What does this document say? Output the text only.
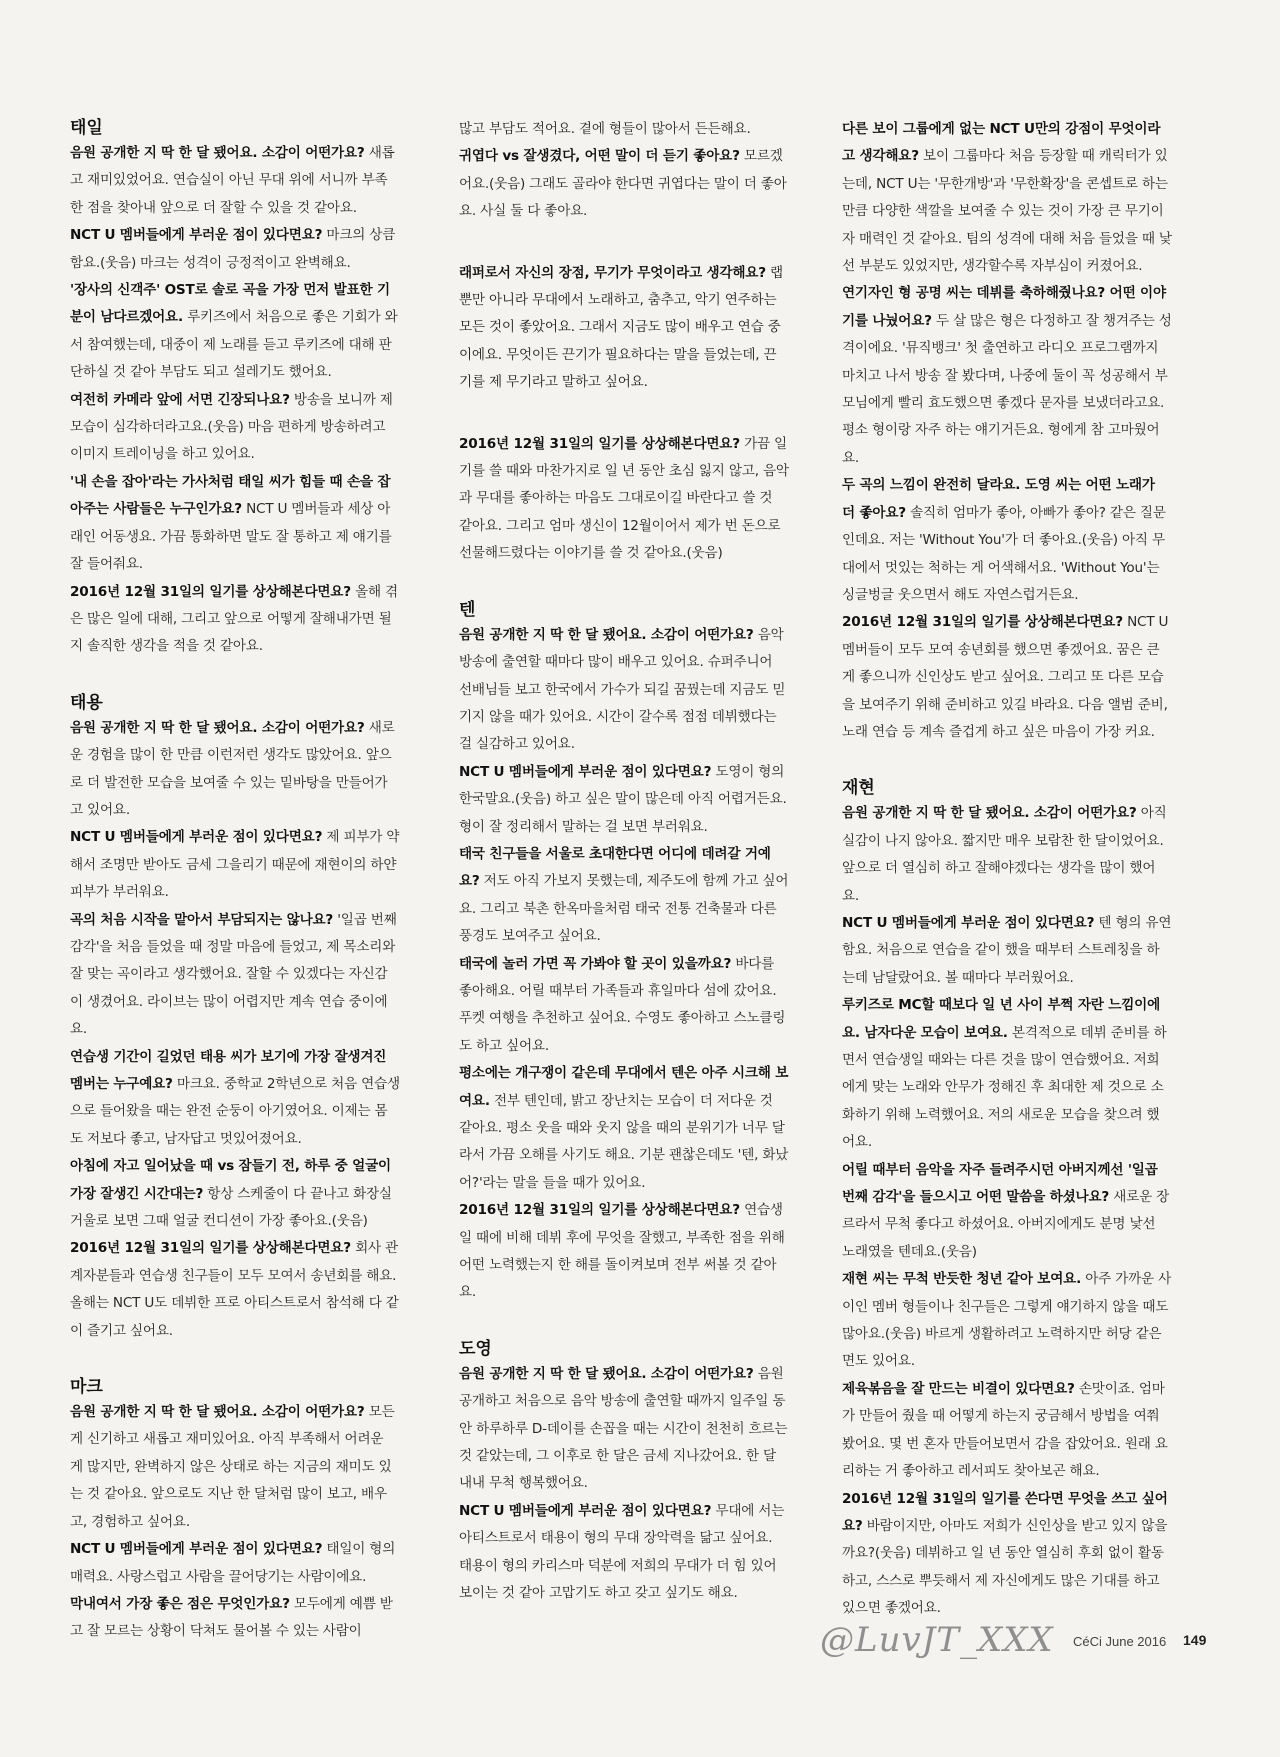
태일

음원 공개한 지 딱 한 달 됐어요. 소감이 어떤가요? 새롭고 재미있었어요. 연습실이 아닌 무대 위에 서니까 부족한 점을 찾아내 앞으로 더 잘할 수 있을 것 같아요.

NCT U 멤버들에게 부러운 점이 있다면요? 마크의 상큼함요.(웃음) 마크는 성격이 긍정적이고 완벽해요.

'장사의 신객주' OST로 솔로 곡을 가장 먼저 발표한 기분이 남다르겠어요. 루키즈에서 처음으로 좋은 기회가 와서 참여했는데, 대중이 제 노래를 듣고 루키즈에 대해 판단하실 것 같아 부담도 되고 설레기도 했어요.

여전히 카메라 앞에 서면 긴장되나요? 방송을 보니까 제 모습이 심각하더라고요.(웃음) 마음 편하게 방송하려고 이미지 트레이닝을 하고 있어요.

'내 손을 잡아'라는 가사처럼 태일 씨가 힘들 때 손을 잡아주는 사람들은 누구인가요? NCT U 멤버들과 세상 아래인 어동생요. 가끔 통화하면 말도 잘 통하고 제 얘기를 잘 들어줘요.

2016년 12월 31일의 일기를 상상해본다면요? 올해 겪은 많은 일에 대해, 그리고 앞으로 어떻게 잘해내가면 될지 솔직한 생각을 적을 것 같아요.

태용

음원 공개한 지 딱 한 달 됐어요. 소감이 어떤가요? 새로운 경험을 많이 한 만큼 이런저런 생각도 많았어요. 앞으로 더 발전한 모습을 보여줄 수 있는 밑바탕을 만들어가고 있어요.

NCT U 멤버들에게 부러운 점이 있다면요? 제 피부가 약해서 조명만 받아도 금세 그을리기 때문에 재현이의 하얀 피부가 부러워요.

곡의 처음 시작을 맡아서 부담되지는 않나요? '일곱 번째 감각'을 처음 들었을 때 정말 마음에 들었고, 제 목소리와 잘 맞는 곡이라고 생각했어요. 잘할 수 있겠다는 자신감이 생겼어요. 라이브는 많이 어렵지만 계속 연습 중이에요.

연습생 기간이 길었던 태용 씨가 보기에 가장 잘생겨진 멤버는 누구예요? 마크요. 중학교 2학년으로 처음 연습생으로 들어왔을 때는 완전 순둥이 아기였어요. 이제는 몸도 저보다 좋고, 남자답고 멋있어졌어요.

아침에 자고 일어났을 때 vs 잠들기 전, 하루 중 얼굴이 가장 잘생긴 시간대는? 항상 스케줄이 다 끝나고 화장실 거울로 보면 그때 얼굴 컨디션이 가장 좋아요.(웃음)

2016년 12월 31일의 일기를 상상해본다면요? 회사 관계자분들과 연습생 친구들이 모두 모여서 송년회를 해요. 올해는 NCT U도 데뷔한 프로 아티스트로서 참석해 다 같이 즐기고 싶어요.

마크

음원 공개한 지 딱 한 달 됐어요. 소감이 어떤가요? 모든 게 신기하고 새롭고 재미있어요. 아직 부족해서 어려운 게 많지만, 완벽하지 않은 상태로 하는 지금의 재미도 있는 것 같아요. 앞으로도 지난 한 달처럼 많이 보고, 배우고, 경험하고 싶어요.

NCT U 멤버들에게 부러운 점이 있다면요? 태일이 형의 매력요. 사랑스럽고 사람을 끌어당기는 사람이에요.

막내여서 가장 좋은 점은 무엇인가요? 모두에게 예쁨 받고 잘 모르는 상황이 닥쳐도 물어볼 수 있는 사람이

많고 부담도 적어요. 곁에 형들이 많아서 든든해요.

귀엽다 vs 잘생겼다, 어떤 말이 더 듣기 좋아요? 모르겠어요.(웃음) 그래도 골라야 한다면 귀엽다는 말이 더 좋아요. 사실 둘 다 좋아요.

래퍼로서 자신의 장점, 무기가 무엇이라고 생각해요? 랩뿐만 아니라 무대에서 노래하고, 춤추고, 악기 연주하는 모든 것이 좋았어요. 그래서 지금도 많이 배우고 연습 중이에요. 무엇이든 끈기가 필요하다는 말을 들었는데, 끈기를 제 무기라고 말하고 싶어요.

2016년 12월 31일의 일기를 상상해본다면요? 가끔 일기를 쓸 때와 마찬가지로 일 년 동안 초심 잃지 않고, 음악과 무대를 좋아하는 마음도 그대로이길 바란다고 쓸 것 같아요. 그리고 엄마 생신이 12월이어서 제가 번 돈으로 선물해드렸다는 이야기를 쓸 것 같아요.(웃음)

텐

음원 공개한 지 딱 한 달 됐어요. 소감이 어떤가요? 음악 방송에 출연할 때마다 많이 배우고 있어요. 슈퍼주니어 선배님들 보고 한국에서 가수가 되길 꿈꿨는데 지금도 믿기지 않을 때가 있어요. 시간이 갈수록 점점 데뷔했다는 걸 실감하고 있어요.

NCT U 멤버들에게 부러운 점이 있다면요? 도영이 형의 한국말요.(웃음) 하고 싶은 말이 많은데 아직 어렵거든요. 형이 잘 정리해서 말하는 걸 보면 부러워요.

태국 친구들을 서울로 초대한다면 어디에 데려갈 거예요? 저도 아직 가보지 못했는데, 제주도에 함께 가고 싶어요. 그리고 북촌 한옥마을처럼 태국 전통 건축물과 다른 풍경도 보여주고 싶어요.

태국에 놀러 가면 꼭 가봐야 할 곳이 있을까요? 바다를 좋아해요. 어릴 때부터 가족들과 휴일마다 섬에 갔어요. 푸켓 여행을 추천하고 싶어요. 수영도 좋아하고 스노클링도 하고 싶어요.

평소에는 개구쟁이 같은데 무대에서 텐은 아주 시크해 보여요. 전부 텐인데, 밝고 장난치는 모습이 더 저다운 것 같아요. 평소 웃을 때와 웃지 않을 때의 분위기가 너무 달라서 가끔 오해를 사기도 해요. 기분 괜찮은데도 '텐, 화났어?'라는 말을 들을 때가 있어요.

2016년 12월 31일의 일기를 상상해본다면요? 연습생일 때에 비해 데뷔 후에 무엇을 잘했고, 부족한 점을 위해 어떤 노력했는지 한 해를 돌이켜보며 전부 써볼 것 같아요.

도영

음원 공개한 지 딱 한 달 됐어요. 소감이 어떤가요? 음원 공개하고 처음으로 음악 방송에 출연할 때까지 일주일 동안 하루하루 D-데이를 손꼽을 때는 시간이 천천히 흐르는 것 같았는데, 그 이후로 한 달은 금세 지나갔어요. 한 달 내내 무척 행복했어요.

NCT U 멤버들에게 부러운 점이 있다면요? 무대에 서는 아티스트로서 태용이 형의 무대 장악력을 닮고 싶어요. 태용이 형의 카리스마 덕분에 저희의 무대가 더 힘 있어 보이는 것 같아 고맙기도 하고 갖고 싶기도 해요.

다른 보이 그룹에게 없는 NCT U만의 강점이 무엇이라고 생각해요? 보이 그룹마다 처음 등장할 때 캐릭터가 있는데, NCT U는 '무한개방'과 '무한확장'을 콘셉트로 하는 만큼 다양한 색깔을 보여줄 수 있는 것이 가장 큰 무기이자 매력인 것 같아요. 팀의 성격에 대해 처음 들었을 때 낯선 부분도 있었지만, 생각할수록 자부심이 커졌어요.

연기자인 형 공명 씨는 데뷔를 축하해줬나요? 어떤 이야기를 나눴어요? 두 살 많은 형은 다정하고 잘 챙겨주는 성격이에요. '뮤직뱅크' 첫 출연하고 라디오 프로그램까지 마치고 나서 방송 잘 봤다며, 나중에 둘이 꼭 성공해서 부모님에게 빨리 효도했으면 좋겠다 문자를 보냈더라고요. 평소 형이랑 자주 하는 얘기거든요. 형에게 참 고마웠어요.

두 곡의 느낌이 완전히 달라요. 도영 씨는 어떤 노래가 더 좋아요? 솔직히 엄마가 좋아, 아빠가 좋아? 같은 질문인데요. 저는 'Without You'가 더 좋아요.(웃음) 아직 무대에서 멋있는 척하는 게 어색해서요. 'Without You'는 싱글벙글 웃으면서 해도 자연스럽거든요.

2016년 12월 31일의 일기를 상상해본다면요? NCT U 멤버들이 모두 모여 송년회를 했으면 좋겠어요. 꿈은 큰 게 좋으니까 신인상도 받고 싶어요. 그리고 또 다른 모습을 보여주기 위해 준비하고 있길 바라요. 다음 앨범 준비, 노래 연습 등 계속 즐겁게 하고 싶은 마음이 가장 커요.

재현

음원 공개한 지 딱 한 달 됐어요. 소감이 어떤가요? 아직 실감이 나지 않아요. 짧지만 매우 보람찬 한 달이었어요. 앞으로 더 열심히 하고 잘해야겠다는 생각을 많이 했어요.

NCT U 멤버들에게 부러운 점이 있다면요? 텐 형의 유연함요. 처음으로 연습을 같이 했을 때부터 스트레칭을 하는데 남달랐어요. 볼 때마다 부러웠어요.

루키즈로 MC할 때보다 일 년 사이 부쩍 자란 느낌이에요. 남자다운 모습이 보여요. 본격적으로 데뷔 준비를 하면서 연습생일 때와는 다른 것을 많이 연습했어요. 저희에게 맞는 노래와 안무가 정해진 후 최대한 제 것으로 소화하기 위해 노력했어요. 저의 새로운 모습을 찾으려 했어요.

어릴 때부터 음악을 자주 들려주시던 아버지께선 '일곱 번째 감각'을 들으시고 어떤 말씀을 하셨나요? 새로운 장르라서 무척 좋다고 하셨어요. 아버지에게도 분명 낯선 노래였을 텐데요.(웃음)

재현 씨는 무척 반듯한 청년 같아 보여요. 아주 가까운 사이인 멤버 형들이나 친구들은 그렇게 얘기하지 않을 때도 많아요.(웃음) 바르게 생활하려고 노력하지만 허당 같은 면도 있어요.

제육볶음을 잘 만드는 비결이 있다면요? 손맛이죠. 엄마가 만들어 줬을 때 어떻게 하는지 궁금해서 방법을 여쭤봤어요. 몇 번 혼자 만들어보면서 감을 잡았어요. 원래 요리하는 거 좋아하고 레서피도 찾아보곤 해요.

2016년 12월 31일의 일기를 쓴다면 무엇을 쓰고 싶어요? 바람이지만, 아마도 저희가 신인상을 받고 있지 않을까요?(웃음) 데뷔하고 일 년 동안 열심히 후회 없이 활동하고, 스스로 뿌듯해서 제 자신에게도 많은 기대를 하고 있으면 좋겠어요.

@LuvJT_XXX CéCi June 2016 149
